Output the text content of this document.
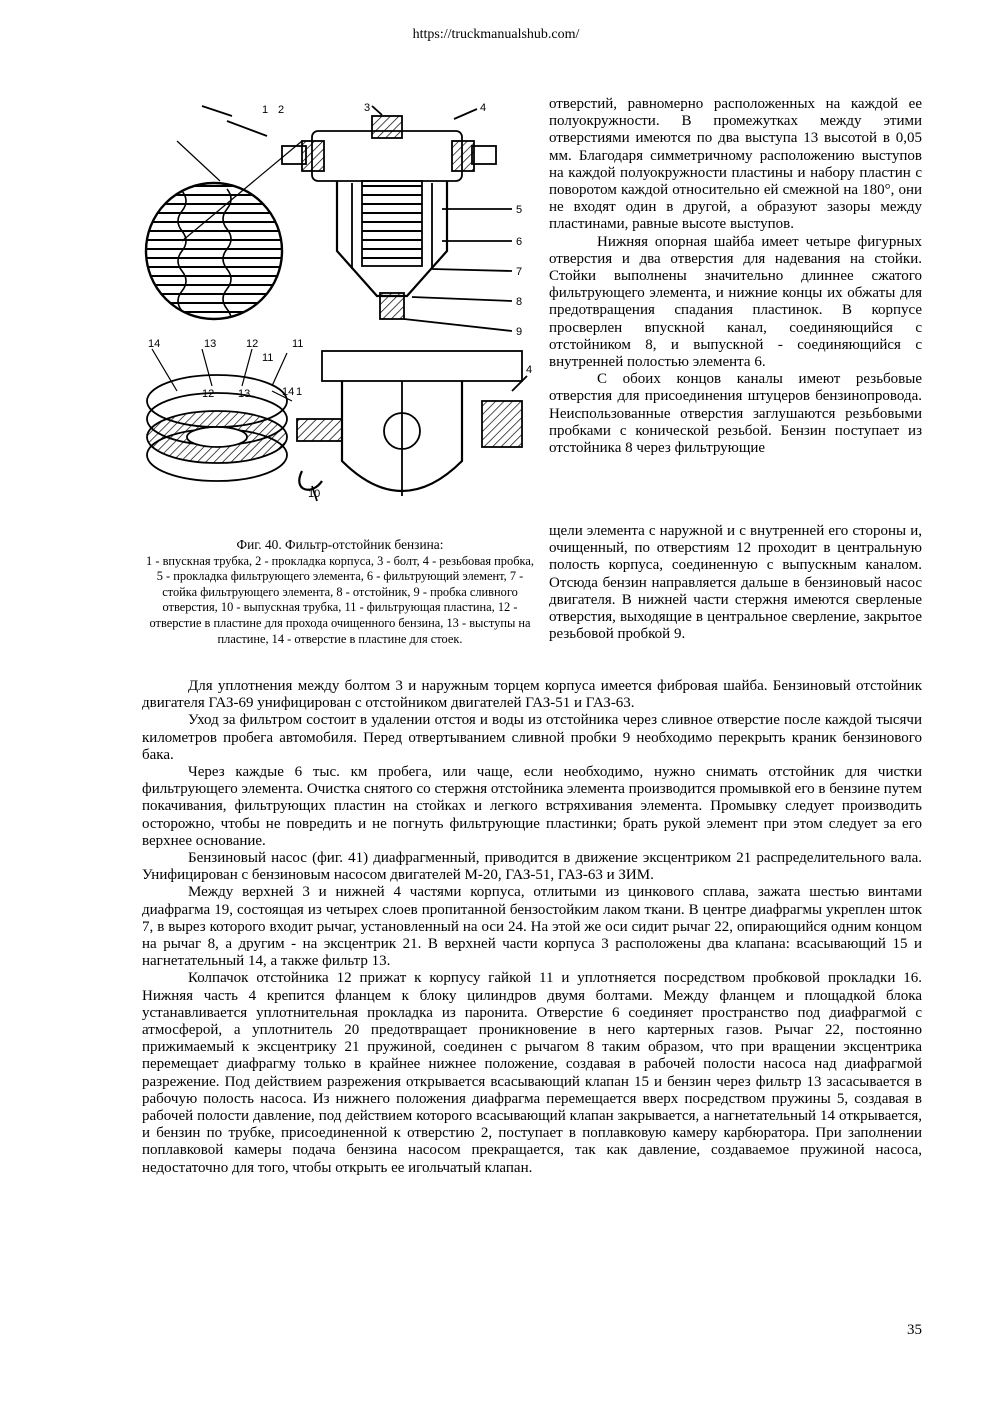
https://truckmanualshub.com/
1 2	3	4
5
6
7
8
9
10
11
12
13
14
14 1
4
13
12
11
Фиг. 40. Фильтр-отстойник бензина:
1 - впускная трубка, 2 - прокладка корпуса, 3 - болт, 4 - резьбовая пробка, 5 - прокладка фильтрующего элемента, 6 - фильтрующий элемент, 7 - стойка фильтрующего элемента, 8 - отстойник, 9 - пробка сливного отверстия, 10 - выпускная трубка, 11 - фильтрующая пластина, 12 - отверстие в пластине для прохода очищенного бензина, 13 - выступы на пластине, 14 - отверстие в пластине для стоек.

отверстий, равномерно расположенных на каждой ее полуокружности. В промежутках между этими отверстиями имеются по два выступа 13 высотой в 0,05 мм. Благодаря симметричному расположению выступов на каждой полуокружности пластины и набору пластин с поворотом каждой относительно ей смежной на 180°, они не входят один в другой, а образуют зазоры между пластинами, равные высоте выступов.

Нижняя опорная шайба имеет четыре фигурных отверстия и два отверстия для надевания на стойки. Стойки выполнены значительно длиннее сжатого фильтрующего элемента, и нижние концы их обжаты для предотвращения спадания пластинок. В корпусе просверлен впускной канал, соединяющийся с отстойником 8, и выпускной - соединяющийся с внутренней полостью элемента 6.

С обоих концов каналы имеют резьбовые отверстия для присоединения штуцеров бензинопровода. Неиспользованные отверстия заглушаются резьбовыми пробками с конической резьбой. Бензин поступает из отстойника 8 через фильтрующие

щели элемента с наружной и с внутренней его стороны и, очищенный, по отверстиям 12 проходит в центральную полость корпуса, соединенную с выпускным каналом. Отсюда бензин направляется дальше в бензиновый насос двигателя. В нижней части стержня имеются сверленые отверстия, выходящие в центральное сверление, закрытое резьбовой пробкой 9.

Для уплотнения между болтом 3 и наружным торцем корпуса имеется фибровая шайба. Бензиновый отстойник двигателя ГАЗ-69 унифицирован с отстойником двигателей ГАЗ-51 и ГАЗ-63.

Уход за фильтром состоит в удалении отстоя и воды из отстойника через сливное отверстие после каждой тысячи километров пробега автомобиля. Перед отвертыванием сливной пробки 9 необходимо перекрыть краник бензинового бака.

Через каждые 6 тыс. км пробега, или чаще, если необходимо, нужно снимать отстойник для чистки фильтрующего элемента. Очистка снятого со стержня отстойника элемента производится промывкой его в бензине путем покачивания, фильтрующих пластин на стойках и легкого встряхивания элемента. Промывку следует производить осторожно, чтобы не повредить и не погнуть фильтрующие пластинки; брать рукой элемент при этом следует за его верхнее основание.

Бензиновый насос (фиг. 41) диафрагменный, приводится в движение эксцентриком 21 распределительного вала. Унифицирован с бензиновым насосом двигателей М-20, ГАЗ-51, ГАЗ-63 и ЗИМ.

Между верхней 3 и нижней 4 частями корпуса, отлитыми из цинкового сплава, зажата шестью винтами диафрагма 19, состоящая из четырех слоев пропитанной бензостойким лаком ткани. В центре диафрагмы укреплен шток 7, в вырез которого входит рычаг, установленный на оси 24. На этой же оси сидит рычаг 22, опирающийся одним концом на рычаг 8, а другим - на эксцентрик 21. В верхней части корпуса 3 расположены два клапана: всасывающий 15 и нагнетательный 14, а также фильтр 13.

Колпачок отстойника 12 прижат к корпусу гайкой 11 и уплотняется посредством пробковой прокладки 16. Нижняя часть 4 крепится фланцем к блоку цилиндров двумя болтами. Между фланцем и площадкой блока устанавливается уплотнительная прокладка из паронита. Отверстие 6 соединяет пространство под диафрагмой с атмосферой, а уплотнитель 20 предотвращает проникновение в него картерных газов. Рычаг 22, постоянно прижимаемый к эксцентрику 21 пружиной, соединен с рычагом 8 таким образом, что при вращении эксцентрика перемещает диафрагму только в крайнее нижнее положение, создавая в рабочей полости насоса над диафрагмой разрежение. Под действием разрежения открывается всасывающий клапан 15 и бензин через фильтр 13 засасывается в рабочую полость насоса. Из нижнего положения диафрагма перемещается вверх посредством пружины 5, создавая в рабочей полости давление, под действием которого всасывающий клапан закрывается, а нагнетательный 14 открывается, и бензин по трубке, присоединенной к отверстию 2, поступает в поплавковую камеру карбюратора. При заполнении поплавковой камеры подача бензина насосом прекращается, так как давление, создаваемое пружиной насоса, недостаточно для того, чтобы открыть ее игольчатый клапан.

35
